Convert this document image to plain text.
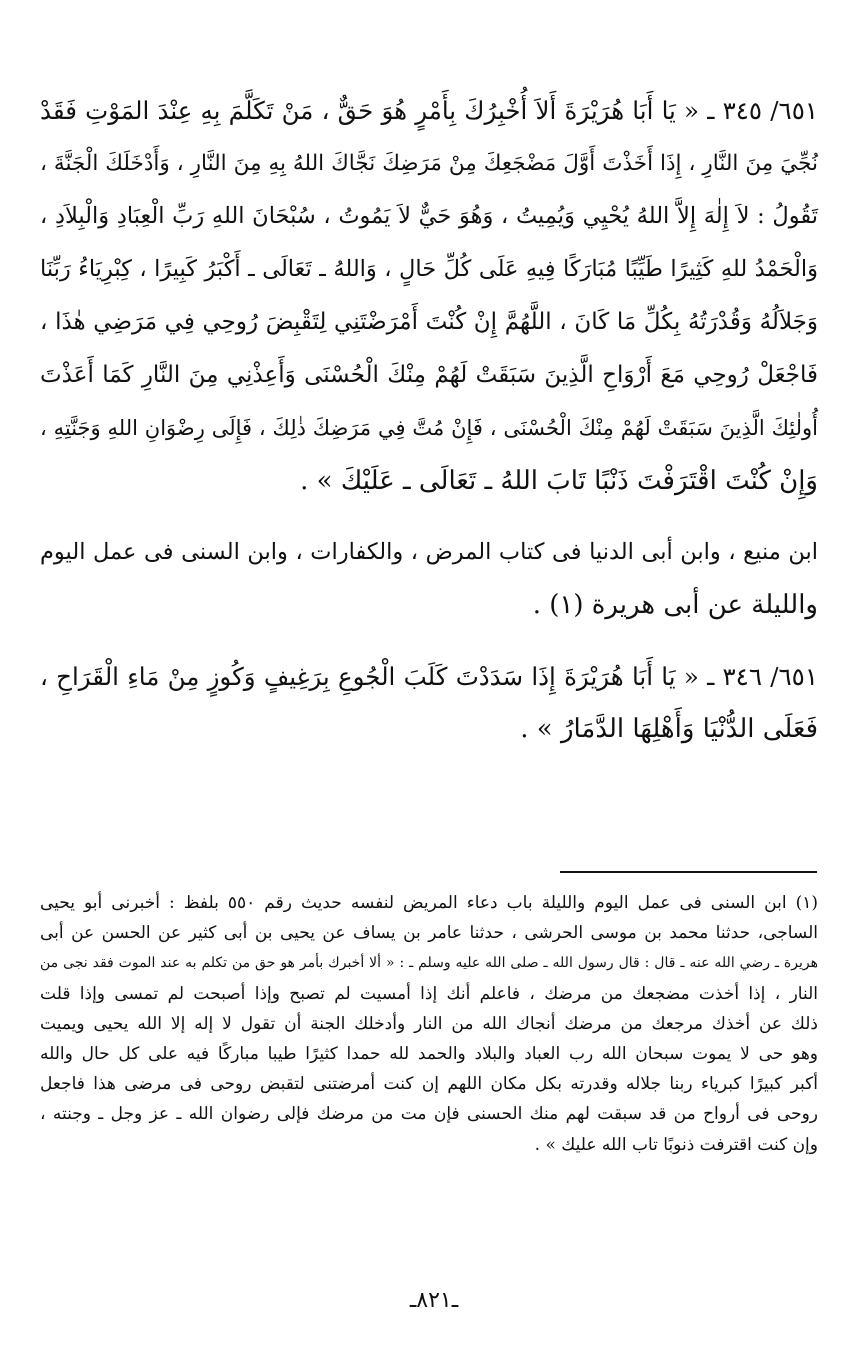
٦٥١/ ٣٤٥ ـ « يَا أَبَا هُرَيْرَةَ أَلاَ أُخْبِرُكَ بِأَمْرٍ هُوَ حَقٌّ ، مَنْ تَكَلَّمَ بِهِ عِنْدَ المَوْتِ فَقَدْ
نُجِّيَ مِنَ النَّارِ ، إِذَا أَخَذْتَ أَوَّلَ مَضْجَعِكَ مِنْ مَرَضِكَ نَجَّاكَ اللهُ بِهِ مِنَ النَّارِ ، وَأَدْخَلَكَ الْجَنَّةَ ،
تَقُولُ : لاَ إِلٰهَ إِلاَّ اللهُ يُحْيِي وَيُمِيتُ ، وَهُوَ حَيٌّ لاَ يَمُوتُ ، سُبْحَانَ اللهِ رَبِّ الْعِبَادِ وَالْبِلاَدِ ،
وَالْحَمْدُ للهِ كَثِيرًا طَيِّبًا مُبَارَكًا فِيهِ عَلَى كُلِّ حَالٍ ، وَاللهُ ـ تَعَالَى ـ أَكْبَرُ كَبِيرًا ، كِبْرِيَاءُ رَبِّنَا
وَجَلاَلُهُ وَقُدْرَتُهُ بِكُلِّ مَا كَانَ ، اللَّهُمَّ إِنْ كُنْتَ أَمْرَضْتَنِي لِتَقْبِضَ رُوحِي فِي مَرَضِي هٰذَا ،
فَاجْعَلْ رُوحِي مَعَ أَرْوَاحِ الَّذِينَ سَبَقَتْ لَهُمْ مِنْكَ الْحُسْنَى وَأَعِذْنِي مِنَ النَّارِ كَمَا أَعَذْتَ
أُولٰئِكَ الَّذِينَ سَبَقَتْ لَهُمْ مِنْكَ الْحُسْنَى ، فَإِنْ مُتَّ فِي مَرَضِكَ ذٰلِكَ ، فَإِلَى رِضْوَانِ اللهِ وَجَنَّتِهِ ،
وَإِنْ كُنْتَ اقْتَرَفْتَ ذَنْبًا تَابَ اللهُ ـ تَعَالَى ـ عَلَيْكَ » .
ابن منيع ، وابن أبى الدنيا فى كتاب المرض ، والكفارات ، وابن السنى فى عمل اليوم
والليلة عن أبى هريرة (١) .
٦٥١/ ٣٤٦ ـ « يَا أَبَا هُرَيْرَةَ إِذَا سَدَدْتَ كَلَبَ الْجُوعِ بِرَغِيفٍ وَكُوزٍ مِنْ مَاءِ الْقَرَاحِ ،
فَعَلَى الدُّنْيَا وَأَهْلِهَا الدَّمَارُ » .
(١) ابن السنى فى عمل اليوم والليلة باب دعاء المريض لنفسه حديث رقم ٥٥٠ بلفظ : أخبرنى أبو يحيى
الساجى، حدثنا محمد بن موسى الحرشى ، حدثنا عامر بن يساف عن يحيى بن أبى كثير عن الحسن عن أبى
هريرة ـ رضي الله عنه ـ قال : قال رسول الله ـ صلى الله عليه وسلم ـ : « ألا أخبرك بأمر هو حق من تكلم به عند الموت فقد نجى من
النار ، إذا أخذت مضجعك من مرضك ، فاعلم أنك إذا أمسيت لم تصبح وإذا أصبحت لم تمسى وإذا قلت
ذلك عن أخذك مرجعك من مرضك أنجاك الله من النار وأدخلك الجنة أن تقول لا إله إلا الله يحيى ويميت
وهو حى لا يموت سبحان الله رب العباد والبلاد والحمد لله حمدا كثيرًا طيبا مباركًا فيه على كل حال والله
أكبر كبيرًا كبرياء ربنا جلاله وقدرته بكل مكان اللهم إن كنت أمرضتنى لتقبض روحى فى مرضى هذا فاجعل
روحى فى أرواح من قد سبقت لهم منك الحسنى فإن مت من مرضك فإلى رضوان الله ـ عز وجل ـ وجنته ،
وإن كنت اقترفت ذنوبًا تاب الله عليك » .
ـ٨٢١ـ
